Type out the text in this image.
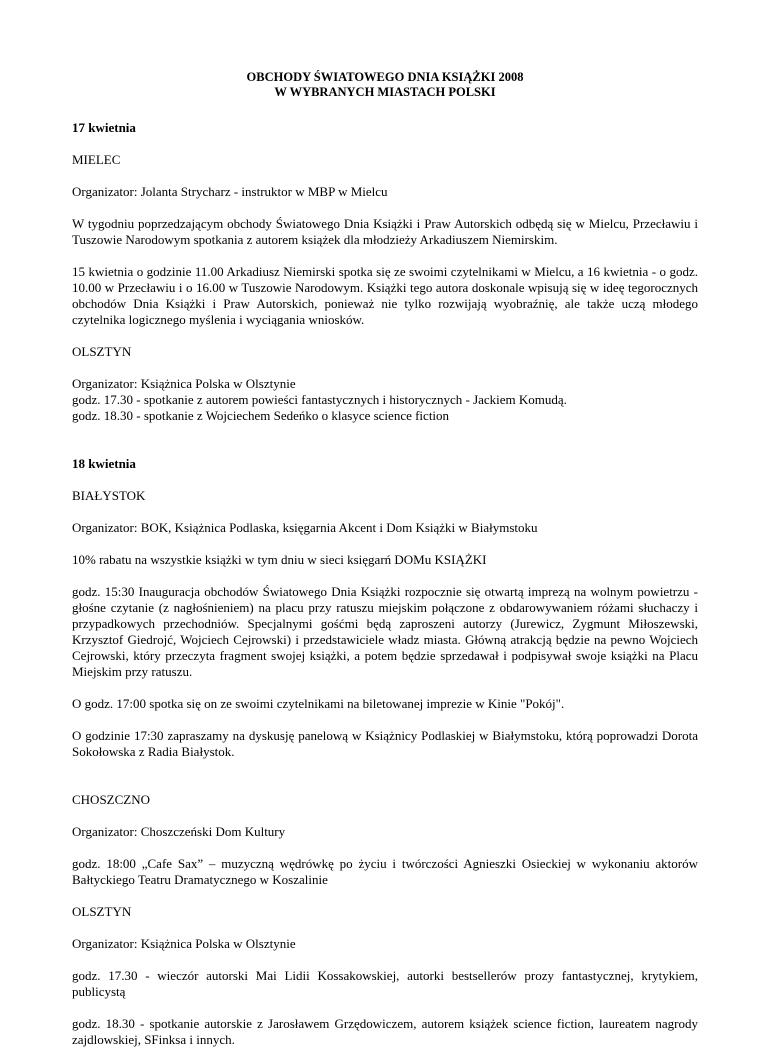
OBCHODY ŚWIATOWEGO DNIA KSIĄŻKI 2008
W WYBRANYCH MIASTACH POLSKI

17 kwietnia

MIELEC

Organizator: Jolanta Strycharz - instruktor w MBP w Mielcu

W tygodniu poprzedzającym obchody Światowego Dnia Książki i Praw Autorskich odbędą się w Mielcu, Przecławiu i Tuszowie Narodowym spotkania z autorem książek dla młodzieży Arkadiuszem Niemirskim.

15 kwietnia o godzinie 11.00 Arkadiusz Niemirski spotka się ze swoimi czytelnikami w Mielcu, a 16 kwietnia - o godz. 10.00 w Przecławiu i o 16.00 w Tuszowie Narodowym. Książki tego autora doskonale wpisują się w ideę tegorocznych obchodów Dnia Książki i Praw Autorskich, ponieważ nie tylko rozwijają wyobraźnię, ale także uczą młodego czytelnika logicznego myślenia i wyciągania wniosków.

OLSZTYN

Organizator: Książnica Polska w Olsztynie
godz. 17.30 - spotkanie z autorem powieści fantastycznych i historycznych - Jackiem Komudą.
godz. 18.30 - spotkanie z Wojciechem Sedeńko o klasyce science fiction

18 kwietnia

BIAŁYSTOK

Organizator: BOK, Książnica Podlaska, księgarnia Akcent i Dom Książki w Białymstoku

10% rabatu na wszystkie książki w tym dniu w sieci księgarń DOMu KSIĄŻKI

godz. 15:30 Inauguracja obchodów Światowego Dnia Książki rozpocznie się otwartą imprezą na wolnym powietrzu - głośne czytanie (z nagłośnieniem) na placu przy ratuszu miejskim połączone z obdarowywaniem różami słuchaczy i przypadkowych przechodniów. Specjalnymi gośćmi będą zaproszeni autorzy (Jurewicz, Zygmunt Miłoszewski, Krzysztof Giedrojć, Wojciech Cejrowski) i przedstawiciele władz miasta. Główną atrakcją będzie na pewno Wojciech Cejrowski, który przeczyta fragment swojej książki, a potem będzie sprzedawał i podpisywał swoje książki na Placu Miejskim przy ratuszu.

O godz. 17:00 spotka się on ze swoimi czytelnikami na biletowanej imprezie w Kinie "Pokój".

O godzinie 17:30 zapraszamy na dyskusję panelową w Książnicy Podlaskiej w Białymstoku, którą poprowadzi Dorota Sokołowska z Radia Białystok.

CHOSZCZNO

Organizator: Choszczeński Dom Kultury

godz. 18:00 „Cafe Sax” – muzyczną wędrówkę po życiu i twórczości Agnieszki Osieckiej w wykonaniu aktorów Bałtyckiego Teatru Dramatycznego w Koszalinie

OLSZTYN

Organizator: Książnica Polska w Olsztynie

godz. 17.30 - wieczór autorski Mai Lidii Kossakowskiej, autorki bestsellerów prozy fantastycznej, krytykiem, publicystą

godz. 18.30 - spotkanie autorskie z Jarosławem Grzędowiczem, autorem książek science fiction, laureatem nagrody zajdlowskiej, SFinksa i innych.
